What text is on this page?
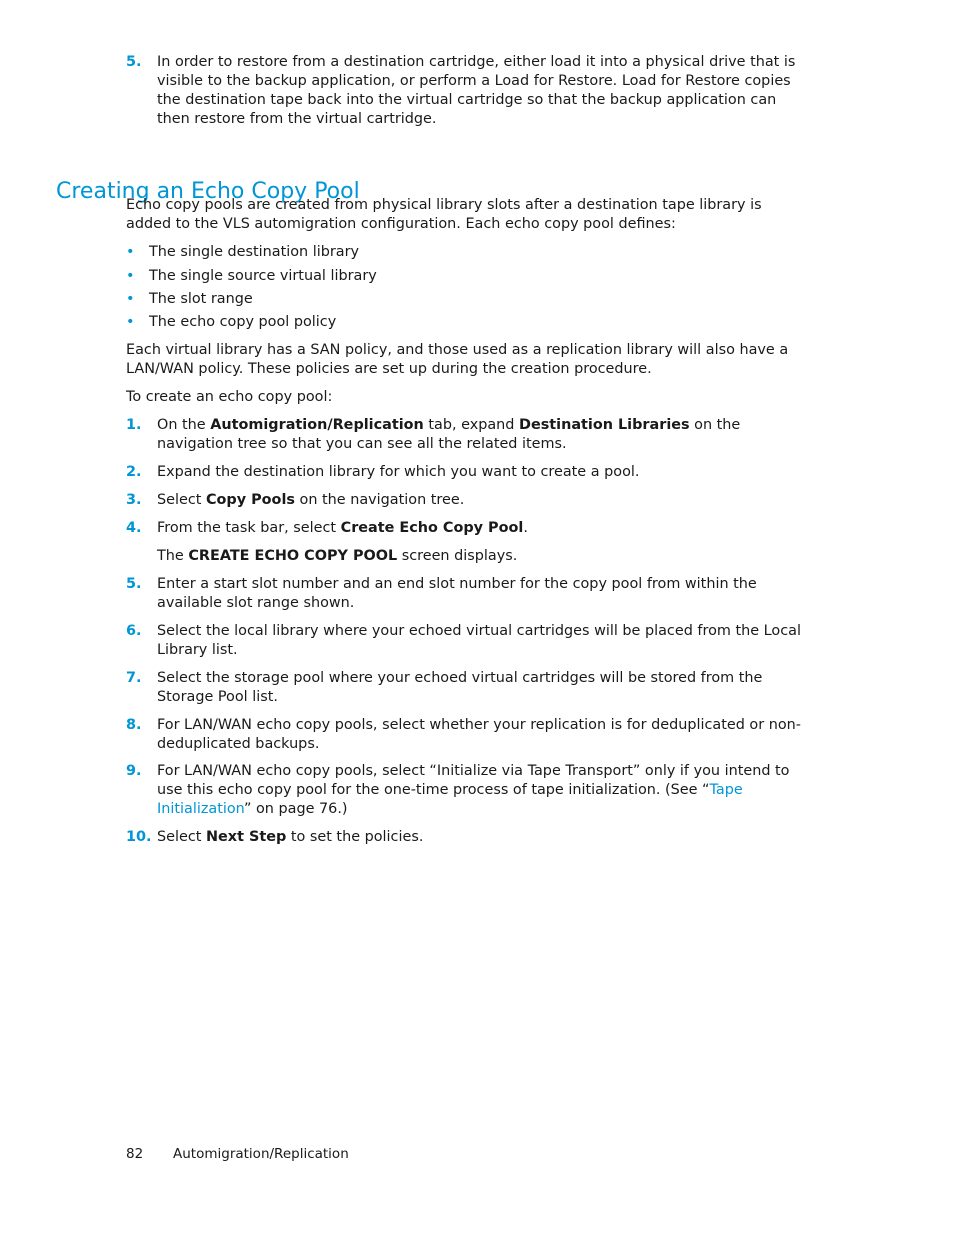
5. In order to restore from a destination cartridge, either load it into a physical drive that is visible to the backup application, or perform a Load for Restore. Load for Restore copies the destination tape back into the virtual cartridge so that the backup application can then restore from the virtual cartridge.
Creating an Echo Copy Pool
Echo copy pools are created from physical library slots after a destination tape library is added to the VLS automigration configuration. Each echo copy pool defines:
• The single destination library
• The single source virtual library
• The slot range
• The echo copy pool policy
Each virtual library has a SAN policy, and those used as a replication library will also have a LAN/WAN policy. These policies are set up during the creation procedure.
To create an echo copy pool:
1. On the Automigration/Replication tab, expand Destination Libraries on the navigation tree so that you can see all the related items.
2. Expand the destination library for which you want to create a pool.
3. Select Copy Pools on the navigation tree.
4. From the task bar, select Create Echo Copy Pool.
The CREATE ECHO COPY POOL screen displays.
5. Enter a start slot number and an end slot number for the copy pool from within the available slot range shown.
6. Select the local library where your echoed virtual cartridges will be placed from the Local Library list.
7. Select the storage pool where your echoed virtual cartridges will be stored from the Storage Pool list.
8. For LAN/WAN echo copy pools, select whether your replication is for deduplicated or non-deduplicated backups.
9. For LAN/WAN echo copy pools, select “Initialize via Tape Transport” only if you intend to use this echo copy pool for the one-time process of tape initialization. (See “Tape Initialization” on page 76.)
10. Select Next Step to set the policies.
82 Automigration/Replication
